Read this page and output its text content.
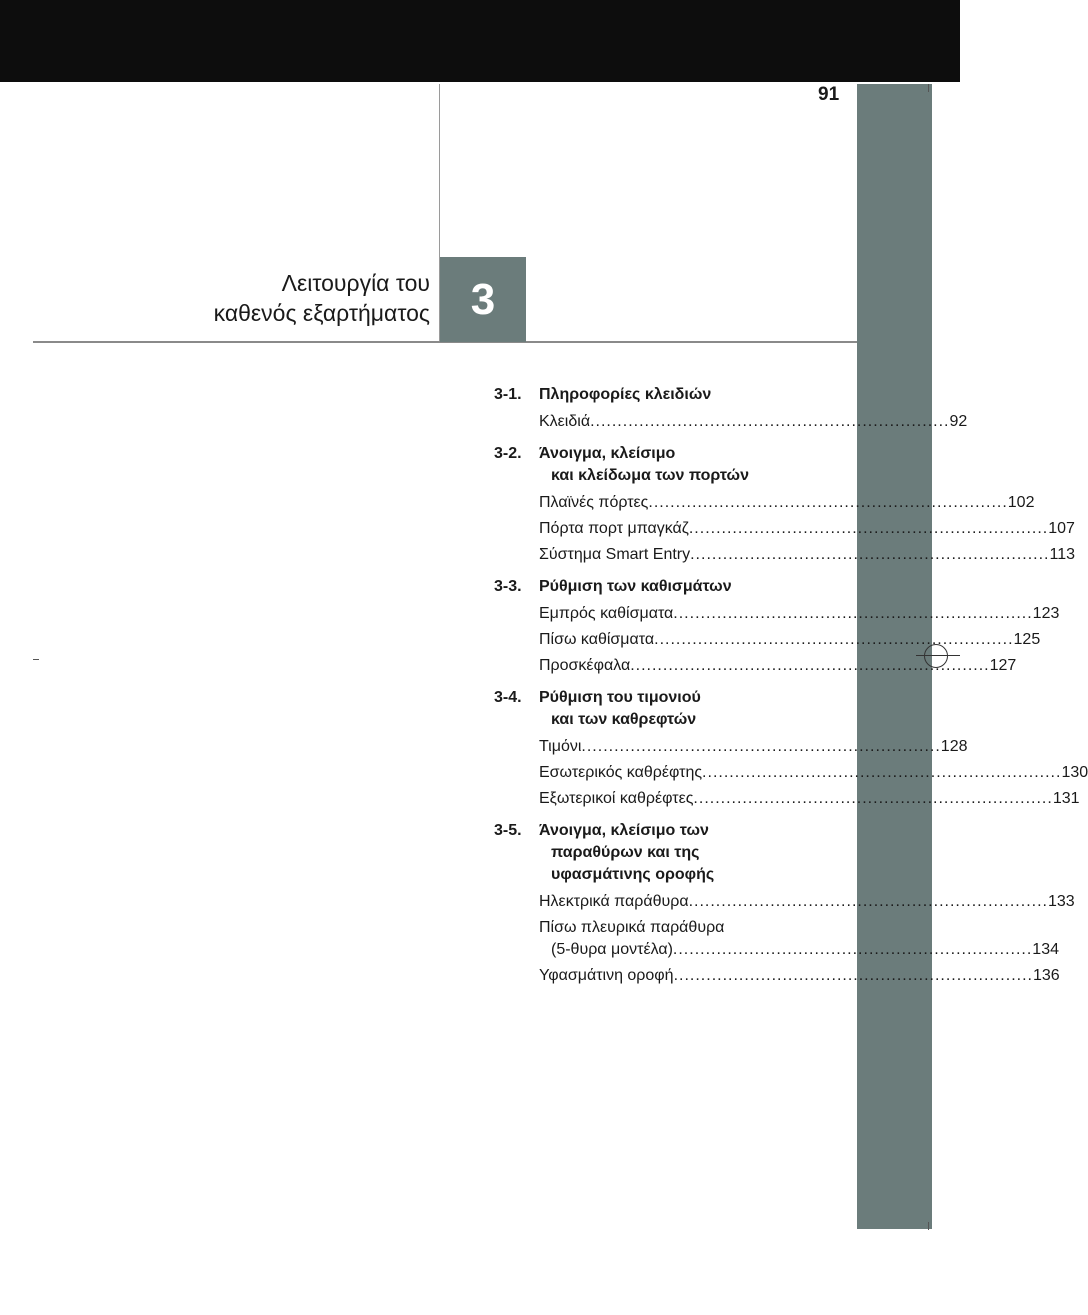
91
Λειτουργία του
καθενός εξαρτήματος 3
3-1.	Πληροφορίες κλειδιών
Κλειδιά .................................................................. 92
3-2.	Άνοιγμα, κλείσιμο
και κλείδωμα των πορτών
Πλαϊνές πόρτες .................................................................. 102
Πόρτα πορτ μπαγκάζ .................................................................. 107
Σύστημα Smart Entry .................................................................. 113
3-3.	Ρύθμιση των καθισμάτων
Εμπρός καθίσματα .................................................................. 123
Πίσω καθίσματα .................................................................. 125
Προσκέφαλα .................................................................. 127
3-4.	Ρύθμιση του τιμονιού
και των καθρεφτών
Τιμόνι .................................................................. 128
Εσωτερικός καθρέφτης .................................................................. 130
Εξωτερικοί καθρέφτες .................................................................. 131
3-5.	Άνοιγμα, κλείσιμο των
παραθύρων και της
υφασμάτινης οροφής
Ηλεκτρικά παράθυρα .................................................................. 133
Πίσω πλευρικά παράθυρα
(5-θυρα μοντέλα) .................................................................. 134
Υφασμάτινη οροφή .................................................................. 136
